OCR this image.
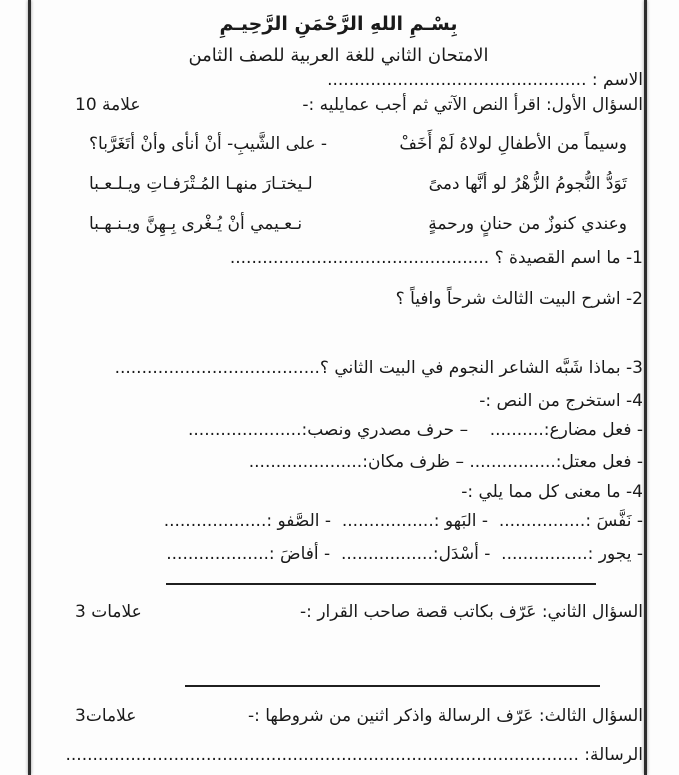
بِسْـمِ اللهِ الرَّحْمَنِ الرَّحِيـمِ
الامتحان الثاني للغة العربية للصف الثامن
الاسم : ................................................
السؤال الأول: اقرأ النص الآتي ثم أجب عمايليه :-
10 علامة
وسيماً من الأطفالِ لولاهُ لَمْ أَخَفْ
- على الشَّيبِ- أنْ أنأى وأنْ أتَغَرَّبا؟
تَوَدُّ النُّجومُ الزُّهْرُ لو أنَّها دمىً
لـيختـارَ منهـا المُـتْرَفـاتِ ويـلـعـبا
وعندي كنوزٌ من حنانٍ ورحمةٍ
نـعـيمي أنْ يُـغْرى بِـهِنَّ ويـنـهـبا
1- ما اسم القصيدة ؟ ................................................
2- اشرح البيت الثالث شرحاً وافياً ؟
3- بماذا شَبَّه الشاعر النجوم في البيت الثاني ؟......................................
4- استخرج من النص :-
- فعل مضارع:..........    – حرف مصدري ونصب:.....................
- فعل معتل:................ – ظرف مكان:.....................
4- ما معنى كل مما يلي :-
- نَفَّسَ :................  - البَهو :.................  - الصَّفو :...................
- يجور :................  - أسْدَل:.................  - أفاضَ :...................
السؤال الثاني: عَرّف بكاتب قصة صاحب القرار :-
3 علامات
السؤال الثالث: عَرّف الرسالة واذكر اثنين من شروطها :-
3علامات
الرسالة: ...............................................................................................
